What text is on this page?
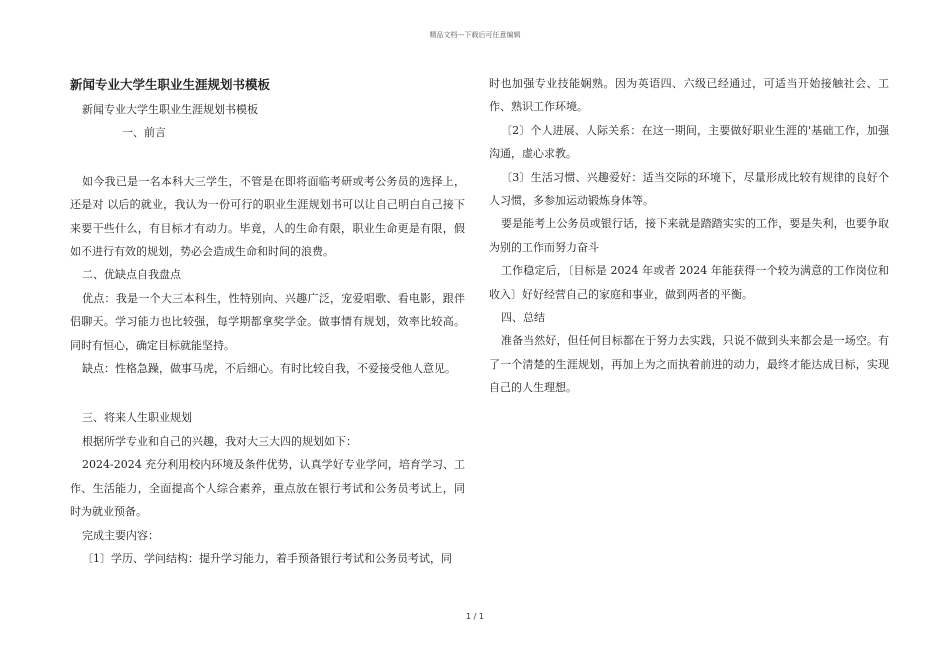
精品文档---下载后可任意编辑

新闻专业大学生职业生涯规划书模板

新闻专业大学生职业生涯规划书模板

一、前言

如今我已是一名本科大三学生，不管是在即将面临考研或考公务员的选择上，还是对 以后的就业，我认为一份可行的职业生涯规划书可以让自己明白自己接下来要干些什么，有目标才有动力。毕竟，人的生命有限，职业生命更是有限，假如不进行有效的规划，势必会造成生命和时间的浪费。

二、优缺点自我盘点

优点：我是一个大三本科生，性特别向、兴趣广泛，宠爱唱歌、看电影，跟伴侣聊天。学习能力也比较强，每学期都拿奖学金。做事情有规划，效率比较高。同时有恒心，确定目标就能坚持。

缺点：性格急躁，做事马虎，不后细心。有时比较自我，不爱接受他人意见。

三、将来人生职业规划

根据所学专业和自己的兴趣，我对大三大四的规划如下：

2024-2024 充分利用校内环境及条件优势，认真学好专业学问，培育学习、工作、生活能力，全面提高个人综合素养，重点放在银行考试和公务员考试上，同时为就业预备。

完成主要内容：

〔1〕学历、学问结构：提升学习能力，着手预备银行考试和公务员考试，同

时也加强专业技能娴熟。因为英语四、六级已经通过，可适当开始接触社会、工作、熟识工作环境。

〔2〕个人进展、人际关系：在这一期间，主要做好职业生涯的'基础工作，加强沟通，虚心求教。

〔3〕生活习惯、兴趣爱好：适当交际的环境下，尽量形成比较有规律的良好个人习惯，多参加运动锻炼身体等。

要是能考上公务员或银行话，接下来就是踏踏实实的工作，要是失利，也要争取为别的工作而努力奋斗

工作稳定后，〔目标是 2024 年或者 2024 年能获得一个较为满意的工作岗位和收入〕好好经营自己的家庭和事业，做到两者的平衡。

四、总结

准备当然好，但任何目标都在于努力去实践，只说不做到头来都会是一场空。有了一个清楚的生涯规划，再加上为之而执着前进的动力，最终才能达成目标，实现自己的人生理想。

1 / 1
